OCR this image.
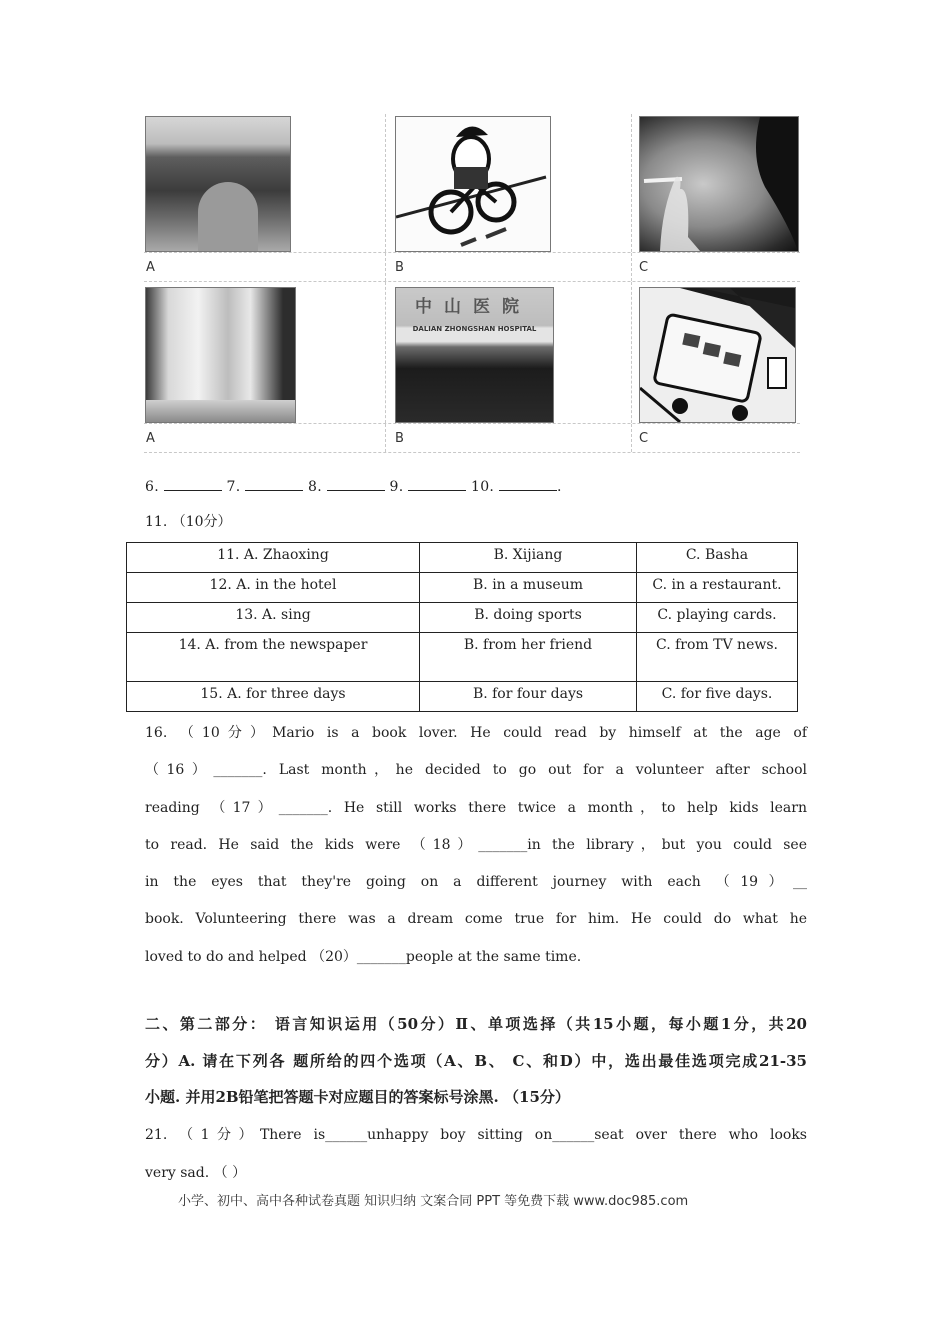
A	B	C
中山医院
DALIAN ZHONGSHAN HOSPITAL
A	B	C
6.	7.	8.	9.	10.	.
11. （10分）
11. A. Zhaoxing	B. Xijiang	C. Basha
12. A. in the hotel	B. in a museum	C. in a restaurant.
13. A. sing	B. doing sports	C. playing cards.
14. A. from the newspaper	B. from her friend	C. from TV news.
15. A. for three days	B. for four days	C. for five days.
16. （10分）Mario is a book lover. He could read by himself at the age of
（16）_______. Last month，he decided to go out for a volunteer after school
reading （17）_______. He still works there twice a month，to help kids learn
to read. He said the kids were （18）_______in the library，but you could see
in the eyes that they're going on a different journey with each （19）__
book. Volunteering there was a dream come true for him. He could do what he
loved to do and helped （20）_______people at the same time.
二、第二部分： 语言知识运用（50分）Ⅱ、单项选择（共15小题，每小题1分，共20
分）A. 请在下列各 题所给的四个选项（A、B、 C、和D）中，选出最佳选项完成21-35
小题. 并用2B铅笔把答题卡对应题目的答案标号涂黑. （15分）
21. （1分）There is______unhappy boy sitting on______seat over there who looks
very sad. （ ）
小学、初中、高中各种试卷真题 知识归纳 文案合同 PPT 等免费下载 www.doc985.com
